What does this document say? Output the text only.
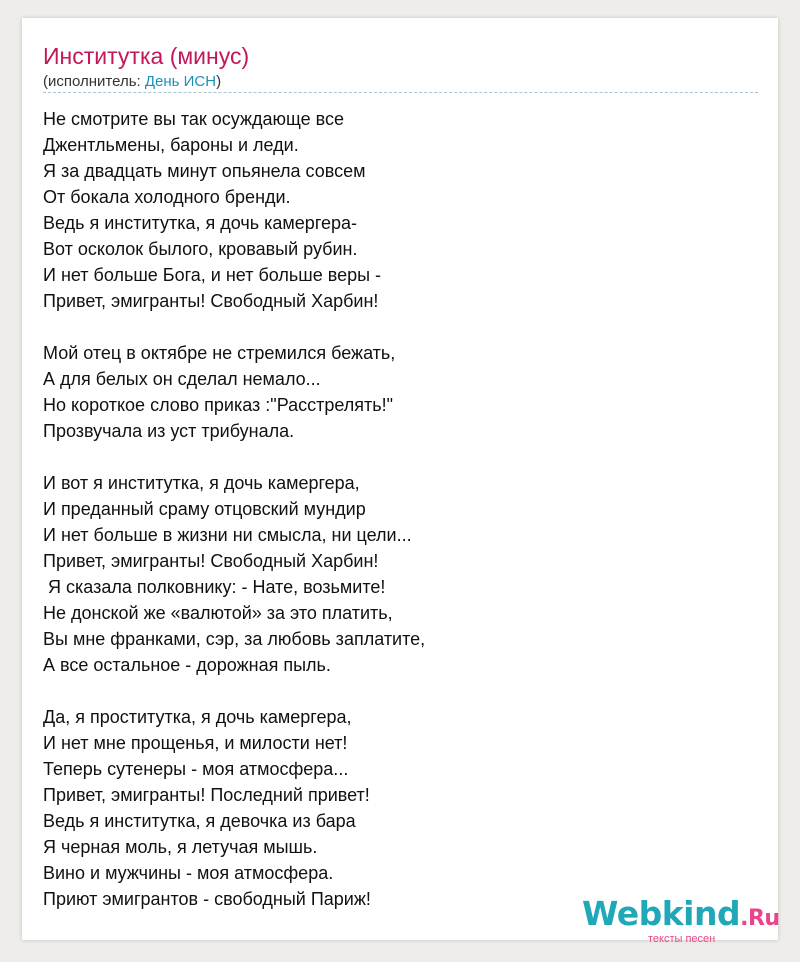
Институтка (минус)
(исполнитель: День ИСН)
Не смотрите вы так осуждающе все
Джентльмены, бароны и леди.
Я за двадцать минут опьянела совсем
От бокала холодного бренди.
Ведь я институтка, я дочь камергера-
Вот осколок былого, кровавый рубин.
И нет больше Бога, и нет больше веры -
Привет, эмигранты! Свободный Харбин!
Мой отец в октябре не стремился бежать,
А для белых он сделал немало...
Но короткое слово приказ :"Расстрелять!"
Прозвучала из уст трибунала.
И вот я институтка, я дочь камергера,
И преданный сраму отцовский мундир
И нет больше в жизни ни смысла, ни цели...
Привет, эмигранты! Свободный Харбин!
Я сказала полковнику: - Нате, возьмите!
Не донской же «валютой» за это платить,
Вы мне франками, сэр, за любовь заплатите,
А все остальное - дорожная пыль.
Да, я проститутка, я дочь камергера,
И нет мне прощенья, и милости нет!
Теперь сутенеры - моя атмосфера...
Привет, эмигранты! Последний привет!
Ведь я институтка, я девочка из бара
Я черная моль, я летучая мышь.
Вино и мужчины - моя атмосфера.
Приют эмигрантов - свободный Париж!	Webkind.Ru
тексты песен
